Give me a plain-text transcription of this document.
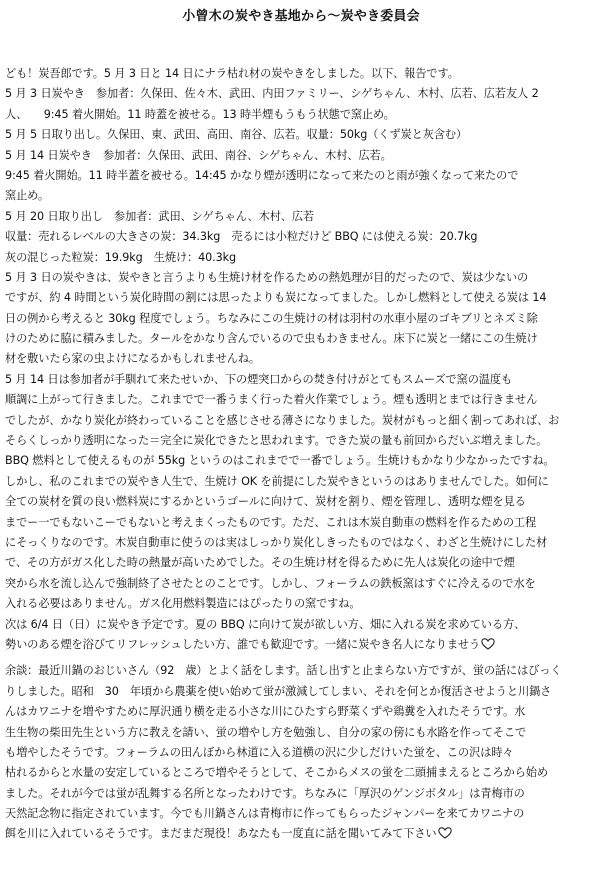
小曾木の炭やき基地から～炭やき委員会
ども！炭吾郎です。5 月 3 日と 14 日にナラ枯れ材の炭やきをしました。以下、報告です。
5 月 3 日炭やき　参加者：久保田、佐々木、武田、内田ファミリー、シゲちゃん、木村、広若、広若友人 2
人、　　9:45 着火開始。11 時蓋を被せる。13 時半煙もうもう状態で窯止め。
5 月 5 日取り出し。久保田、東、武田、高田、南谷、広若。収量：50kg（くず炭と灰含む）
5 月 14 日炭やき　参加者：久保田、武田、南谷、シゲちゃん、木村、広若。
9:45 着火開始。11 時半蓋を被せる。14:45 かなり煙が透明になって来たのと雨が強くなって来たので
窯止め。
5 月 20 日取り出し　参加者：武田、シゲちゃん、木村、広若
収量：売れるレベルの大きさの炭：34.3kg　売るには小粒だけど BBQ には使える炭：20.7kg
灰の混じった粒炭：19.9kg　生焼け：40.3kg
5 月 3 日の炭やきは、炭やきと言うよりも生焼け材を作るための熱処理が目的だったので、炭は少ないの
ですが、約 4 時間という炭化時間の割には思ったよりも炭になってました。しかし燃料として使える炭は 14
日の例から考えると 30kg 程度でしょう。ちなみにこの生焼けの材は羽村の水車小屋のゴキブリとネズミ除
けのために脇に積みました。タールをかなり含んでいるので虫もわきません。床下に炭と一緒にこの生焼け
材を敷いたら家の虫よけになるかもしれませんね。
5 月 14 日は参加者が手馴れて来たせいか、下の煙突口からの焚き付けがとてもスムーズで窯の温度も
順調に上がって行きました。これまでで一番うまく行った着火作業でしょう。煙も透明とまでは行きません
でしたが、かなり炭化が終わっていることを感じさせる薄さになりました。炭材がもっと細く割ってあれば、お
そらくしっかり透明になった＝完全に炭化できたと思われます。できた炭の量も前回からだいぶ増えました。
BBQ 燃料として使えるものが 55kg というのはこれまでで一番でしょう。生焼けもかなり少なかったですね。
しかし、私のこれまでの炭やき人生で、生焼け OK を前提にした炭やきというのはありませんでした。如何に
全ての炭材を質の良い燃料炭にするかというゴールに向けて、炭材を割り、煙を管理し、透明な煙を見る
までー一でもないこーでもないと考えまくったものです。ただ、これは木炭自動車の燃料を作るための工程
にそっくりなのです。木炭自動車に使うのは実はしっかり炭化しきったものではなく、わざと生焼けにした材
で、その方がガス化した時の熱量が高いためでした。その生焼け材を得るために先人は炭化の途中で煙
突から水を流し込んで強制終了させたとのことです。しかし、フォーラムの鉄板窯はすぐに冷えるので水を
入れる必要はありません。ガス化用燃料製造にはぴったりの窯ですね。
次は 6/4 日（日）に炭やき予定です。夏の BBQ に向けて炭が欲しい方、畑に入れる炭を求めている方、
勢いのある煙を浴びてリフレッシュしたい方、誰でも歓迎です。一緒に炭やき名人になりませう
余談：最近川鍋のおじいさん（92　歳）とよく話をします。話し出すと止まらない方ですが、蛍の話にはびっく
りしました。昭和　30　年頃から農薬を使い始めて蛍が激減してしまい、それを何とか復活させようと川鍋さ
んはカワニナを増やすために厚沢通り横を走る小さな川にひたすら野菜くずや鶏糞を入れたそうです。水
生生物の柴田先生という方に教えを請い、蛍の増やし方を勉強し、自分の家の傍にも水路を作ってそこで
も増やしたそうです。フォーラムの田んぼから林道に入る道横の沢に少しだけいた蛍を、この沢は時々
枯れるからと水量の安定しているところで増やそうとして、そこからメスの蛍を二頭捕まえるところから始め
ました。それが今では蛍が乱舞する名所となったわけです。ちなみに「厚沢のゲンジボタル」は青梅市の
天然記念物に指定されています。今でも川鍋さんは青梅市に作ってもらったジャンパーを来てカワニナの
餌を川に入れているそうです。まだまだ現役！あなたも一度直に話を聞いてみて下さい
